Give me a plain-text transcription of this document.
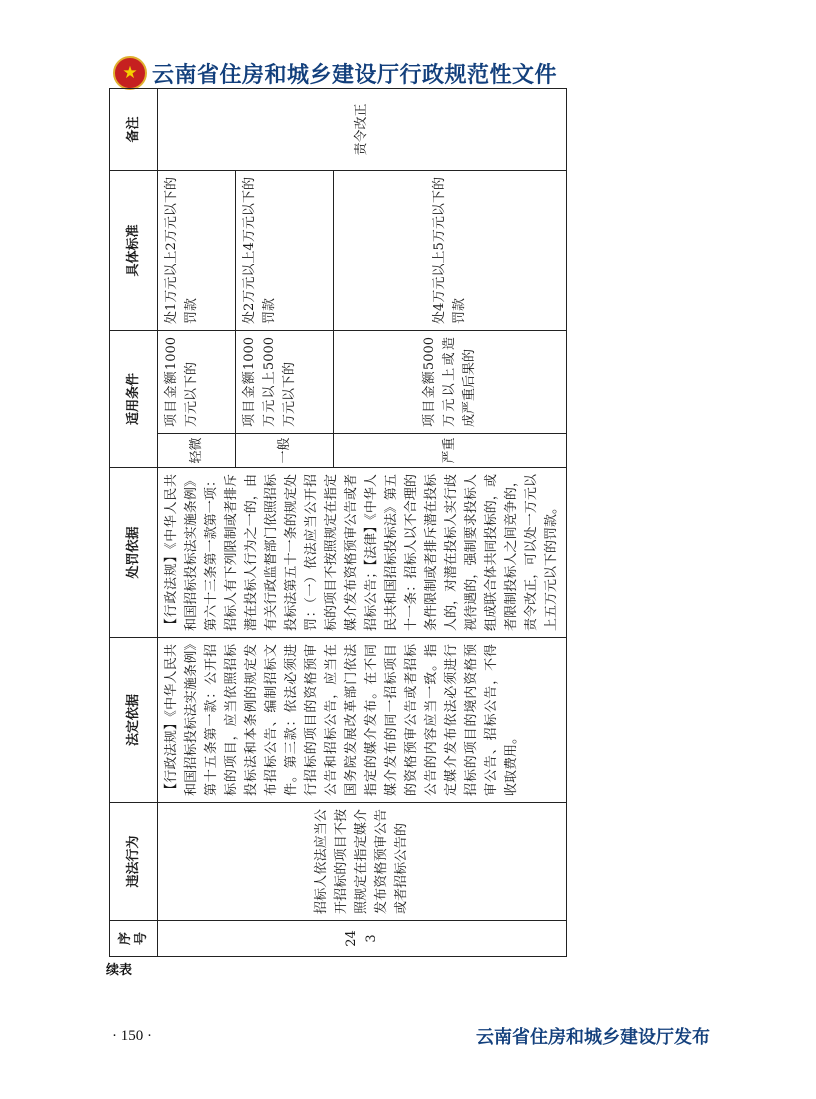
★ 云南省住房和城乡建设厅行政规范性文件
序号	违法行为	法定依据	处罚依据	适用条件		具体标准	备注
243	招标人依法应当公开招标的项目不按照规定在指定媒介发布资格预审公告或者招标公告的	【行政法规】《中华人民共和国招标投标法实施条例》第十五条第一款：公开招标的项目，应当依照招标投标法和本条例的规定发布招标公告、编制招标文件。第三款：依法必须进行招标的项目的资格预审公告和招标公告，应当在国务院发展改革部门依法指定的媒介发布。在不同媒介发布的同一招标项目的资格预审公告或者招标公告的内容应当一致。指定媒介发布依法必须进行招标的项目的境内资格预审公告、招标公告，不得收取费用。	【行政法规】《中华人民共和国招标投标法实施条例》第六十三条第一款第一项：招标人有下列限制或者排斥潜在投标人行为之一的，由有关行政监督部门依照招标投标法第五十一条的规定处罚：（一）依法应当公开招标的项目不按照规定在指定媒介发布资格预审公告或者招标公告；【法律】《中华人民共和国招标投标法》第五十一条：招标人以不合理的条件限制或者排斥潜在投标人的，对潜在投标人实行歧视待遇的，强制要求投标人组成联合体共同投标的，或者限制投标人之间竞争的，责令改正，可以处一万元以上五万元以下的罚款。	轻微	项目金额1000万元以下的	处1万元以上2万元以下的罚款	责令改正

				一般	项目金额1000万元以上5000万元以下的	处2万元以上4万元以下的罚款	

				严重	项目金额5000万元以上或造成严重后果的	处4万元以上5万元以下的罚款	
续表
· 150 ·	云南省住房和城乡建设厅发布
